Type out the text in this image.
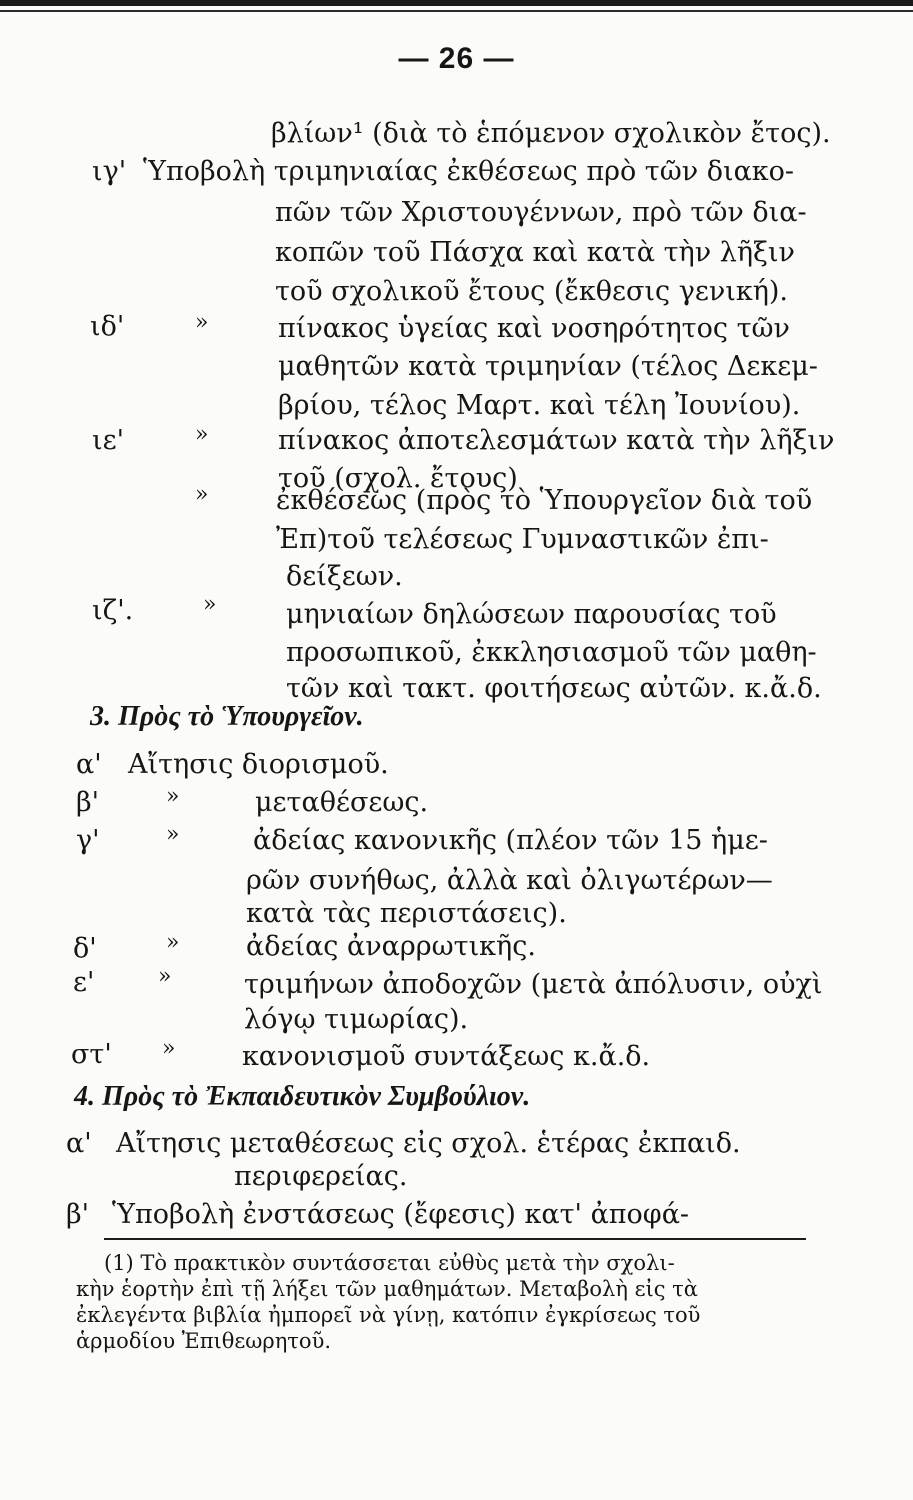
— 26 —
βλίων¹ (διὰ τὸ ἑπόμενον σχολικὸν ἔτος).
ιγ' Ὑποβολὴ τριμηνιαίας ἐκθέσεως πρὸ τῶν διακο-
πῶν τῶν Χριστουγέννων, πρὸ τῶν δια-
κοπῶν τοῦ Πάσχα καὶ κατὰ τὴν λῆξιν
τοῦ σχολικοῦ ἔτους (ἔκθεσις γενική).
ιδ'	»	πίνακος ὑγείας καὶ νοσηρότητος τῶν
μαθητῶν κατὰ τριμηνίαν (τέλος Δεκεμ-
βρίου, τέλος Μαρτ. καὶ τέλη Ἰουνίου).
ιε'	»	πίνακος ἀποτελεσμάτων κατὰ τὴν λῆξιν
τοῦ (σχολ. ἔτους)
»	ἐκθέσεως (πρὸς τὸ Ὑπουργεῖον διὰ τοῦ
Ἐπ)τοῦ τελέσεως Γυμναστικῶν ἐπι-
δείξεων.
ιζ'.	»	μηνιαίων δηλώσεων παρουσίας τοῦ
προσωπικοῦ, ἐκκλησιασμοῦ τῶν μαθη-
τῶν καὶ τακτ. φοιτήσεως αὐτῶν. κ.ἄ.δ.
3. Πρὸς τὸ Ὑπουργεῖον.
α' Αἴτησις διορισμοῦ.
β'	»	μεταθέσεως.
γ'	»	ἀδείας κανονικῆς (πλέον τῶν 15 ἡμε-
ρῶν συνήθως, ἀλλὰ καὶ ὀλιγωτέρων—
κατὰ τὰς περιστάσεις).
δ'	» ἀδείας ἀναρρωτικῆς.
ε'	»	τριμήνων ἀποδοχῶν (μετὰ ἀπόλυσιν, οὐχὶ
λόγῳ τιμωρίας).
στ' » κανονισμοῦ συντάξεως κ.ἄ.δ.
4. Πρὸς τὸ Ἐκπαιδευτικὸν Συμβούλιον.
α' Αἴτησις μεταθέσεως εἰς σχολ. ἑτέρας ἐκπαιδ.
περιφερείας.
β' Ὑποβολὴ ἐνστάσεως (ἔφεσις) κατ' ἀποφά-
(1) Τὸ πρακτικὸν συντάσσεται εὐθὺς μετὰ τὴν σχολι-
κὴν ἑορτὴν ἐπὶ τῇ λήξει τῶν μαθημάτων. Μεταβολὴ εἰς τὰ
ἐκλεγέντα βιβλία ἠμπορεῖ νὰ γίνῃ, κατόπιν ἐγκρίσεως τοῦ
ἁρμοδίου Ἐπιθεωρητοῦ.
